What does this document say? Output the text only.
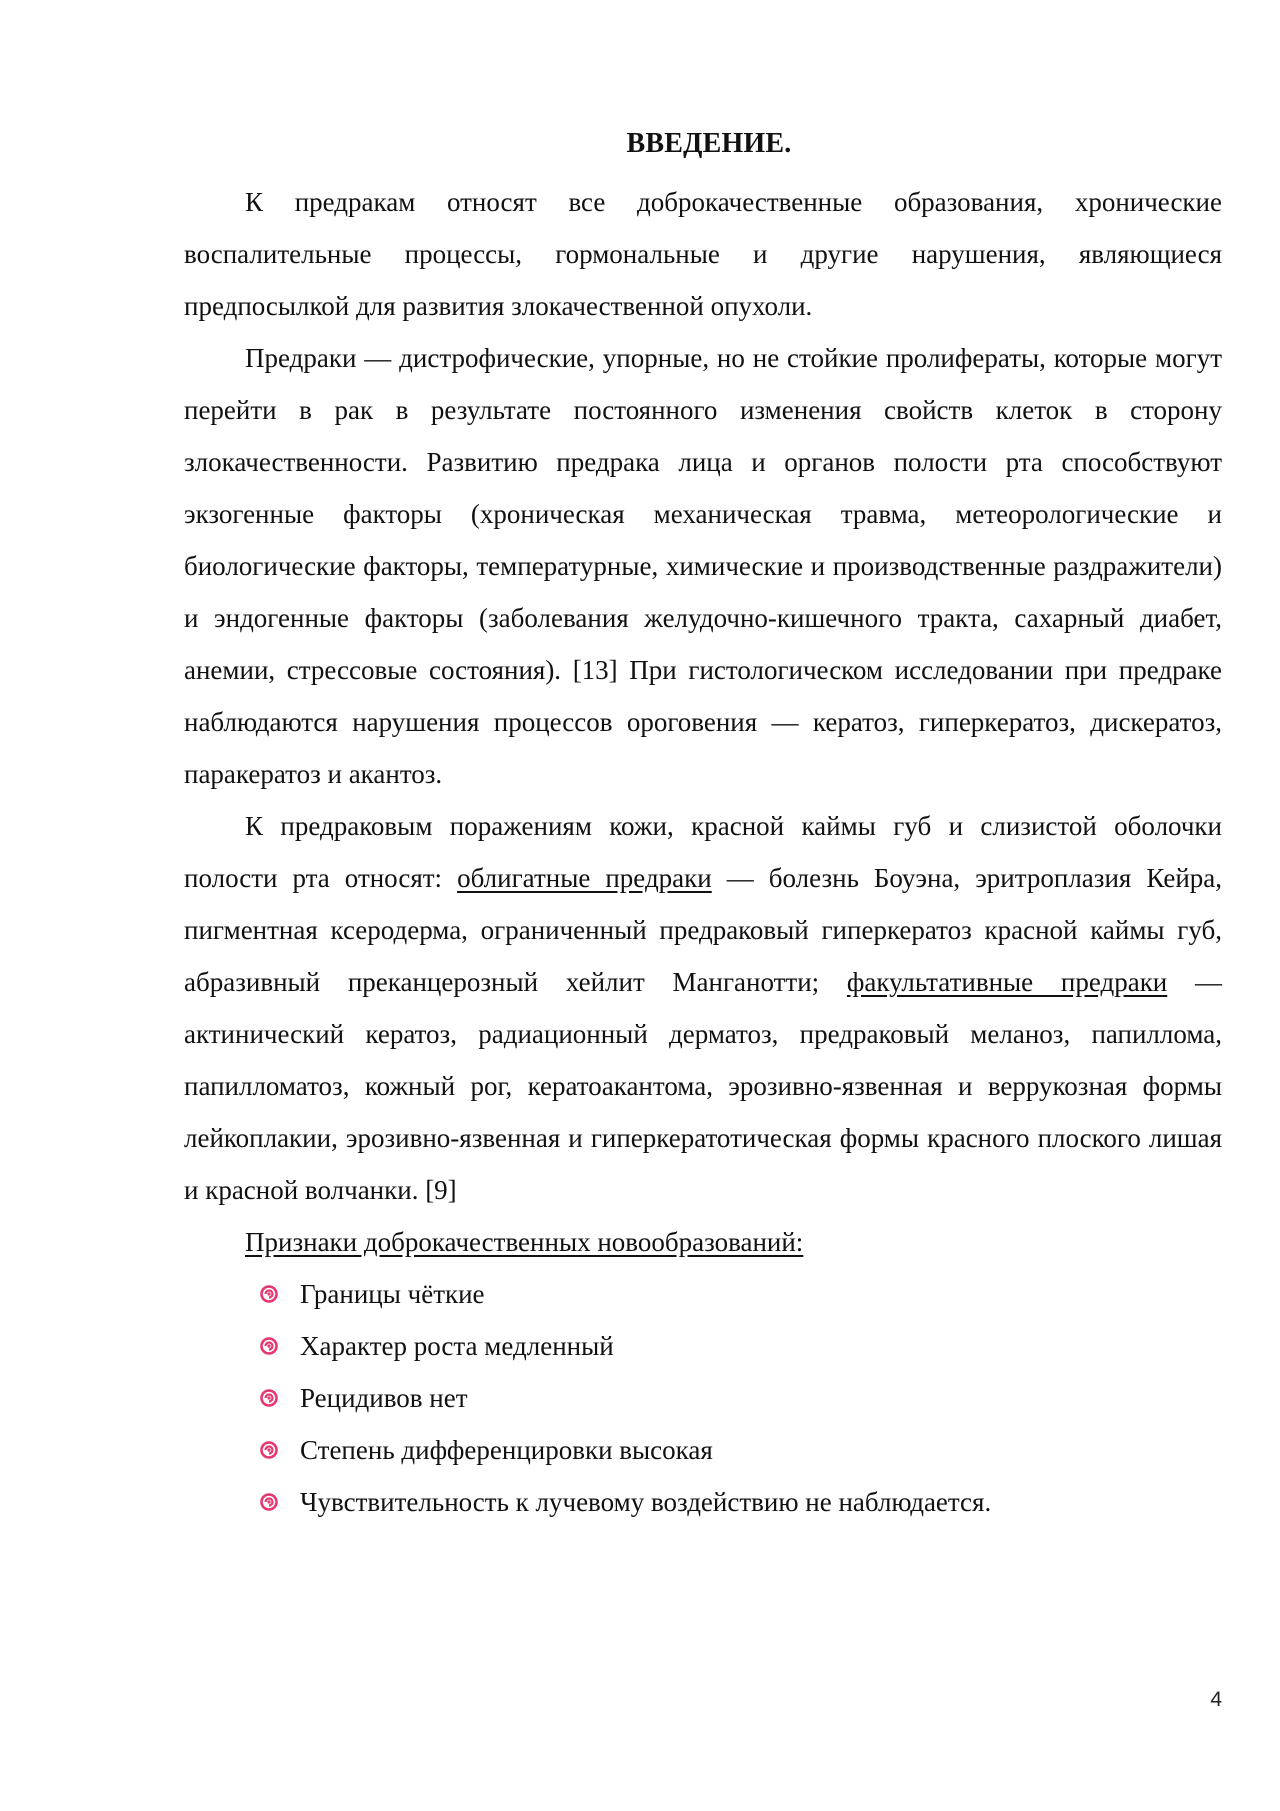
ВВЕДЕНИЕ.

К предракам относят все доброкачественные образования, хронические воспалительные процессы, гормональные и другие нарушения, являющиеся предпосылкой для развития злокачественной опухоли.

Предраки — дистрофические, упорные, но не стойкие пролифераты, которые могут перейти в рак в результате постоянного изменения свойств клеток в сторону злокачественности. Развитию предрака лица и органов полости рта способствуют экзогенные факторы (хроническая механическая травма, метеорологические и биологические факторы, температурные, химические и производственные раздражители) и эндогенные факторы (заболевания желудочно-кишечного тракта, сахарный диабет, анемии, стрессовые состояния). [13] При гистологическом исследовании при предраке наблюдаются нарушения процессов ороговения — кератоз, гиперкератоз, дискератоз, паракератоз и акантоз.

К предраковым поражениям кожи, красной каймы губ и слизистой оболочки полости рта относят: облигатные предраки — болезнь Боуэна, эритроплазия Кейра, пигментная ксеродерма, ограниченный предраковый гиперкератоз красной каймы губ, абразивный преканцерозный хейлит Манганотти; факультативные предраки — актинический кератоз, радиационный дерматоз, предраковый меланоз, папиллома, папилломатоз, кожный рог, кератоакантома, эрозивно-язвенная и веррукозная формы лейкоплакии, эрозивно-язвенная и гиперкератотическая формы красного плоского лишая и красной волчанки. [9]

Признаки доброкачественных новообразований:
Границы чёткие
Характер роста медленный
Рецидивов нет
Степень дифференцировки высокая
Чувствительность к лучевому воздействию не наблюдается.
4
